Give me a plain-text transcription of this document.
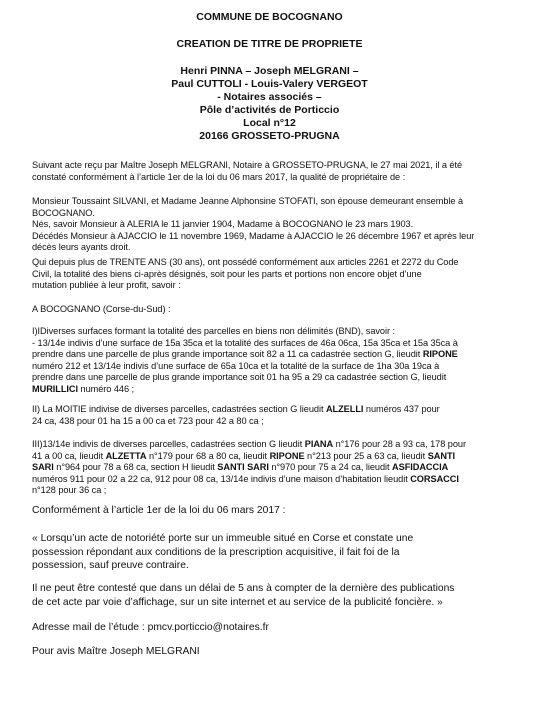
COMMUNE DE BOCOGNANO
CREATION DE TITRE DE PROPRIETE
Henri PINNA – Joseph MELGRANI –
Paul CUTTOLI - Louis-Valery VERGEOT
- Notaires associés –
Pôle d’activités de Porticcio
Local n°12
20166 GROSSETO-PRUGNA
Suivant acte reçu par Maître Joseph MELGRANI, Notaire à GROSSETO-PRUGNA, le 27 mai 2021, il a été
constaté conformément à l’article 1er de la loi du 06 mars 2017, la qualité de propriétaire de :
Monsieur Toussaint SILVANI, et Madame Jeanne Alphonsine STOFATI, son épouse demeurant ensemble à
BOCOGNANO.
Nés, savoir Monsieur à ALERIA le 11 janvier 1904, Madame à BOCOGNANO le 23 mars 1903.
Décédés Monsieur à AJACCIO le 11 novembre 1969, Madame à AJACCIO le 26 décembre 1967 et après leur
décès leurs ayants droit.
Qui depuis plus de TRENTE ANS (30 ans), ont possédé conformément aux articles 2261 et 2272 du Code
Civil, la totalité des biens ci-après désignés, soit pour les parts et portions non encore objet d’une
mutation publiée à leur profit, savoir :
A BOCOGNANO (Corse-du-Sud) :
I)IDiverses surfaces formant la totalité des parcelles en biens non délimités (BND), savoir :
- 13/14e indivis d’une surface de 15a 35ca et la totalité des surfaces de 46a 06ca, 15a 35ca et 15a 35ca à
prendre dans une parcelle de plus grande importance soit 82 a 11 ca cadastrée section G, lieudit RIPONE
numéro 212 et 13/14e indivis d’une surface de 65a 10ca et la totalité de la surface de 1ha 30a 19ca à
prendre dans une parcelle de plus grande importance soit 01 ha 95 a 29 ca cadastrée section G, lieudit
MURILLICI numéro 446 ;
II) La MOITIE indivise de diverses parcelles, cadastrées section G lieudit ALZELLI numéros 437 pour
24 ca, 438 pour 01 ha 15 a 00 ca et 723 pour 42 a 80 ca ;
III)13/14e indivis de diverses parcelles, cadastrées section G lieudit PIANA n°176 pour 28 a 93 ca, 178 pour
41 a 00 ca, lieudit ALZETTA n°179 pour 68 a 80 ca, lieudit RIPONE n°213 pour 25 a 63 ca, lieudit SANTI
SARI n°964 pour 78 a 68 ca, section H lieudit SANTI SARI n°970 pour 75 a 24 ca, lieudit ASFIDACCIA
numéros 911 pour 02 a 22 ca, 912 pour 08 ca, 13/14e indivis d’une maison d’habitation lieudit CORSACCI
n°128 pour 36 ca ;
Conformément à l’article 1er de la loi du 06 mars 2017 :
« Lorsqu’un acte de notoriété porte sur un immeuble situé en Corse et constate une
possession répondant aux conditions de la prescription acquisitive, il fait foi de la
possession, sauf preuve contraire.
Il ne peut être contesté que dans un délai de 5 ans à compter de la dernière des publications
de cet acte par voie d’affichage, sur un site internet et au service de la publicité foncière. »
Adresse mail de l’étude : pmcv.porticcio@notaires.fr
Pour avis Maître Joseph MELGRANI
